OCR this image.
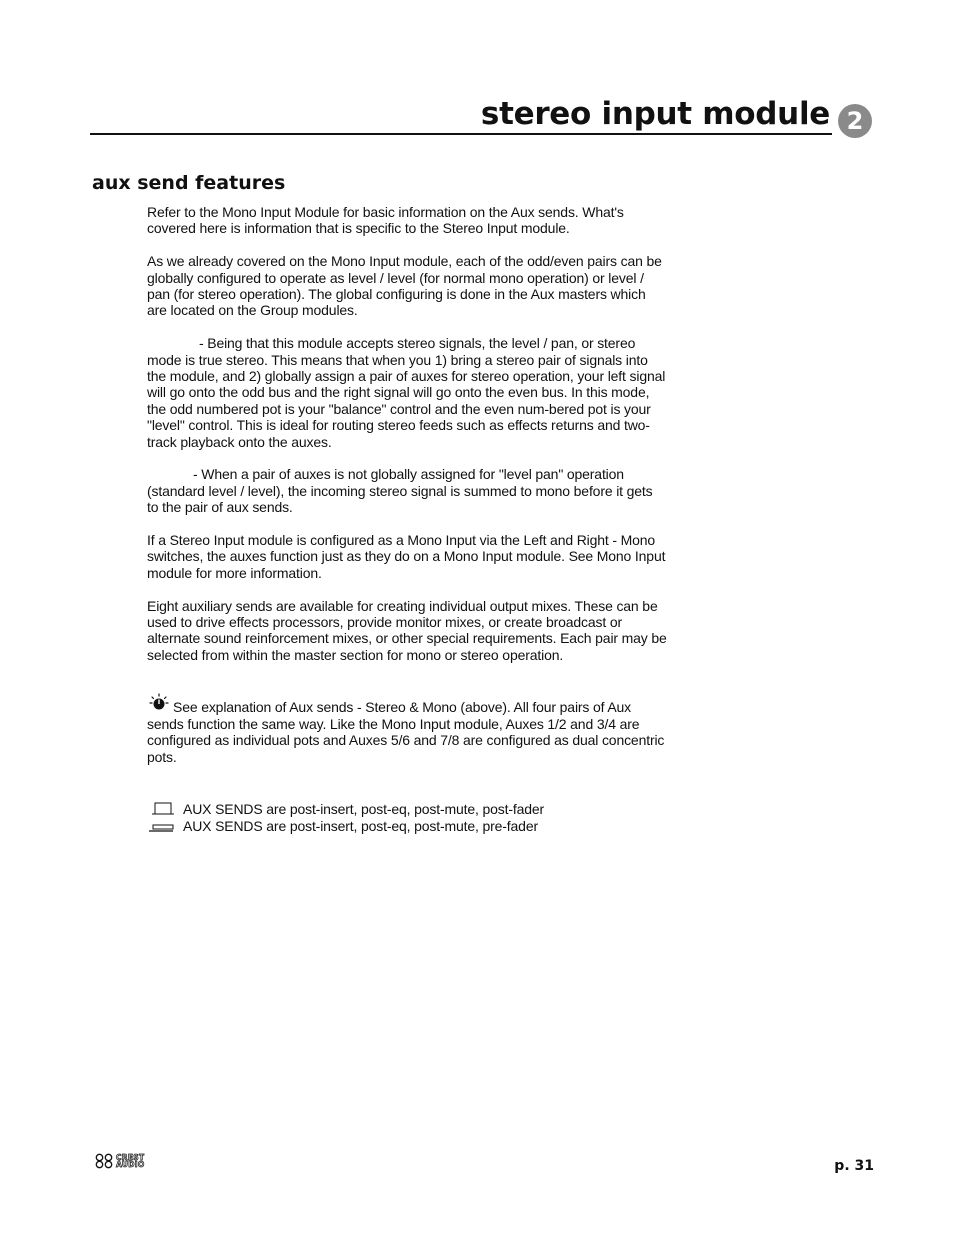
stereo input module 2
aux send features

Refer to the Mono Input Module for basic information on the Aux sends. What's covered here is information that is specific to the Stereo Input module.

As we already covered on the Mono Input module, each of the odd/even pairs can be globally configured to operate as level / level (for normal mono operation) or level / pan (for stereo operation). The global configuring is done in the Aux masters which are located on the Group modules.

- Being that this module accepts stereo signals, the level / pan, or stereo mode is true stereo. This means that when you 1) bring a stereo pair of signals into the module, and 2) globally assign a pair of auxes for stereo operation, your left signal will go onto the odd bus and the right signal will go onto the even bus. In this mode, the odd numbered pot is your "balance" control and the even num-bered pot is your "level" control. This is ideal for routing stereo feeds such as effects returns and two-track playback onto the auxes.

- When a pair of auxes is not globally assigned for "level pan" operation (standard level / level), the incoming stereo signal is summed to mono before it gets to the pair of aux sends.

If a Stereo Input module is configured as a Mono Input via the Left and Right - Mono switches, the auxes function just as they do on a Mono Input module. See Mono Input module for more information.

Eight auxiliary sends are available for creating individual output mixes. These can be used to drive effects processors, provide monitor mixes, or create broadcast or alternate sound reinforcement mixes, or other special requirements. Each pair may be selected from within the master section for mono or stereo operation.

See explanation of Aux sends - Stereo & Mono (above). All four pairs of Aux sends function the same way. Like the Mono Input module, Auxes 1/2 and 3/4 are configured as individual pots and Auxes 5/6 and 7/8 are configured as dual concentric pots.

AUX SENDS are post-insert, post-eq, post-mute, post-fader
AUX SENDS are post-insert, post-eq, post-mute, pre-fader
CREST
AUDIO	p. 31
